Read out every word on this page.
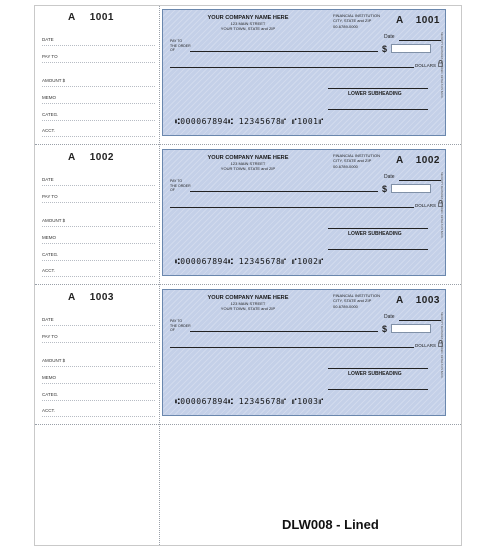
A 1001
DATE
PAY TO
AMOUNT $
MEMO
CATEG.
ACCT.
YOUR COMPANY NAME HERE
123 MAIN STREET
YOUR TOWN, STATE and ZIP
FINANCIAL INSTITUTION
CITY, STATE and ZIP
00-6789-0000
A 1001
Date
PAY TO
THE ORDER
OF	$
DOLLARS
LOWER SUBHEADING	SECURITY FEATURES INCLUDED. DETAILS ON BACK.
⑆000067894⑆ 12345678⑈ ⑈1001⑈
A 1002
DATE
PAY TO
AMOUNT $
MEMO
CATEG.
ACCT.
YOUR COMPANY NAME HERE
123 MAIN STREET
YOUR TOWN, STATE and ZIP
FINANCIAL INSTITUTION
CITY, STATE and ZIP
00-6789-0000
A 1002
Date
PAY TO
THE ORDER
OF	$
DOLLARS
LOWER SUBHEADING	SECURITY FEATURES INCLUDED. DETAILS ON BACK.
⑆000067894⑆ 12345678⑈ ⑈1002⑈
A 1003
DATE
PAY TO
AMOUNT $
MEMO
CATEG.
ACCT.
YOUR COMPANY NAME HERE
123 MAIN STREET
YOUR TOWN, STATE and ZIP
FINANCIAL INSTITUTION
CITY, STATE and ZIP
00-6789-0000
A 1003
Date
PAY TO
THE ORDER
OF	$
DOLLARS
LOWER SUBHEADING	SECURITY FEATURES INCLUDED. DETAILS ON BACK.
⑆000067894⑆ 12345678⑈ ⑈1003⑈
DLW008 - Lined
